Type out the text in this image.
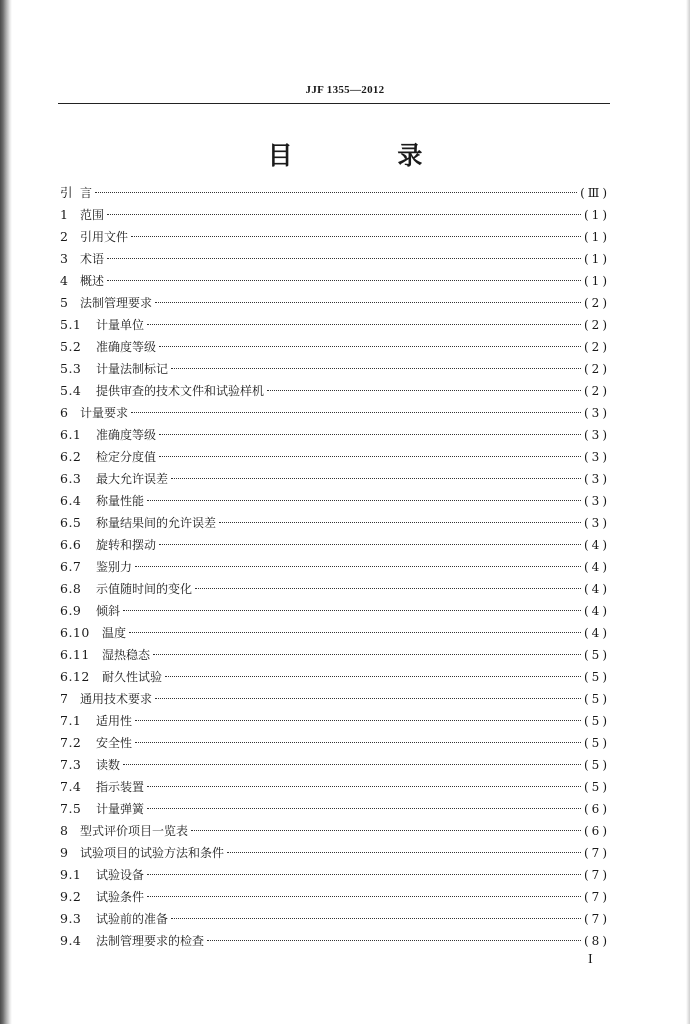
JJF 1355—2012
目 录
引 言	(Ⅲ)
1 范围	(1)
2 引用文件	(1)
3 术语	(1)
4 概述	(1)
5 法制管理要求	(2)
5.1	计量单位	(2)
5.2	准确度等级	(2)
5.3	计量法制标记	(2)
5.4	提供审查的技术文件和试验样机	(2)
6 计量要求	(3)
6.1	准确度等级	(3)
6.2	检定分度值	(3)
6.3	最大允许误差	(3)
6.4	称量性能	(3)
6.5	称量结果间的允许误差	(3)
6.6	旋转和摆动	(4)
6.7	鉴别力	(4)
6.8	示值随时间的变化	(4)
6.9	倾斜	(4)
6.10	温度	(4)
6.11	湿热稳态	(5)
6.12	耐久性试验	(5)
7 通用技术要求	(5)
7.1	适用性	(5)
7.2	安全性	(5)
7.3	读数	(5)
7.4	指示装置	(5)
7.5	计量弹簧	(6)
8 型式评价项目一览表	(6)
9 试验项目的试验方法和条件	(7)
9.1	试验设备	(7)
9.2	试验条件	(7)
9.3	试验前的准备	(7)
9.4	法制管理要求的检查	(8)
I
